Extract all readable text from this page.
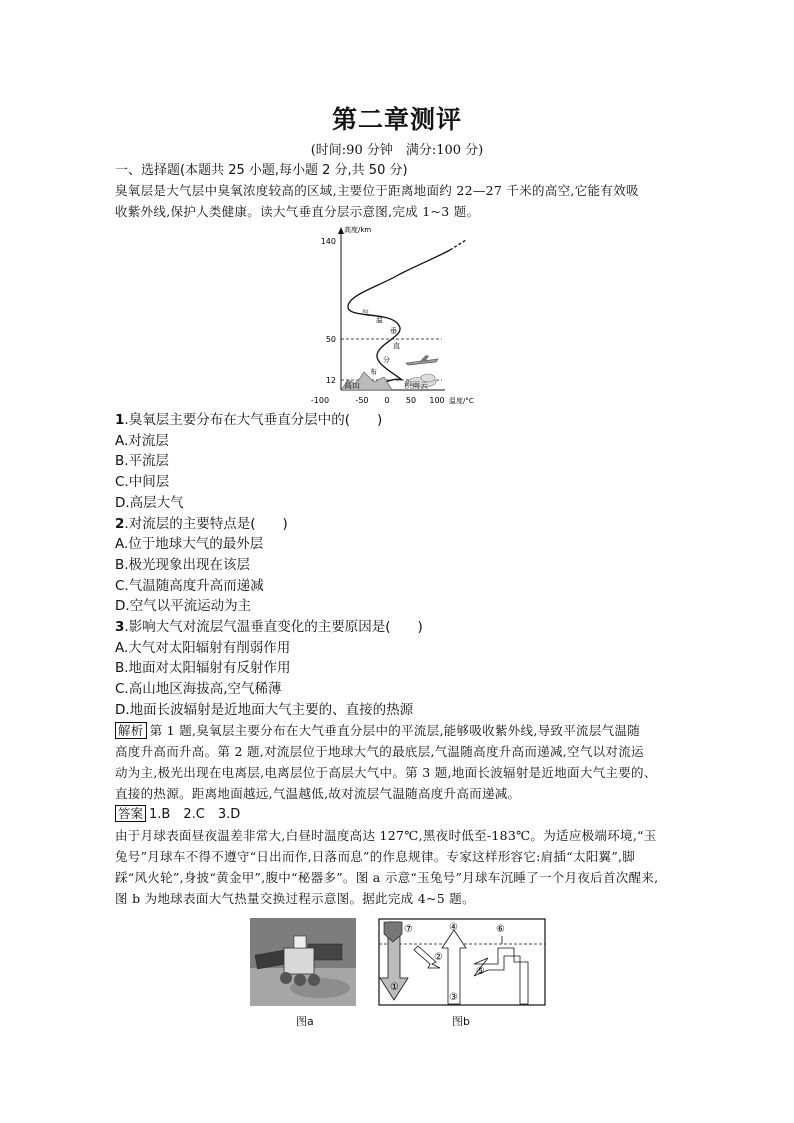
第二章测评
(时间:90 分钟　满分:100 分)
一、选择题(本题共 25 小题,每小题 2 分,共 50 分)
臭氧层是大气层中臭氧浓度较高的区域,主要位于距离地面约 22—27 千米的高空,它能有效吸
收紫外线,保护人类健康。读大气垂直分层示意图,完成 1~3 题。
高度/km
140
50
12
气
温
垂
直
分
布
高山	积雨云
-100	-50 0 50 100 温度/°C
1.臭氧层主要分布在大气垂直分层中的(　　)
A.对流层
B.平流层
C.中间层
D.高层大气
2.对流层的主要特点是(　　)
A.位于地球大气的最外层
B.极光现象出现在该层
C.气温随高度升高而递减
D.空气以平流运动为主
3.影响大气对流层气温垂直变化的主要原因是(　　)
A.大气对太阳辐射有削弱作用
B.地面对太阳辐射有反射作用
C.高山地区海拔高,空气稀薄
D.地面长波辐射是近地面大气主要的、直接的热源
解析 第 1 题,臭氧层主要分布在大气垂直分层中的平流层,能够吸收紫外线,导致平流层气温随
高度升高而升高。第 2 题,对流层位于地球大气的最底层,气温随高度升高而递减,空气以对流运
动为主,极光出现在电离层,电离层位于高层大气中。第 3 题,地面长波辐射是近地面大气主要的、
直接的热源。距离地面越远,气温越低,故对流层气温随高度升高而递减。
答案 1.B　2.C　3.D
由于月球表面昼夜温差非常大,白昼时温度高达 127℃,黑夜时低至-183℃。为适应极端环境,“玉
兔号”月球车不得不遵守“日出而作,日落而息”的作息规律。专家这样形容它:肩插“太阳翼”,脚
踩“风火轮”,身披“黄金甲”,腹中“秘器多”。图 a 示意“玉兔号”月球车沉睡了一个月夜后首次醒来,
图 b 为地球表面大气热量交换过程示意图。据此完成 4~5 题。
图a
①
②
③
④
⑤
⑥
⑦
图b
